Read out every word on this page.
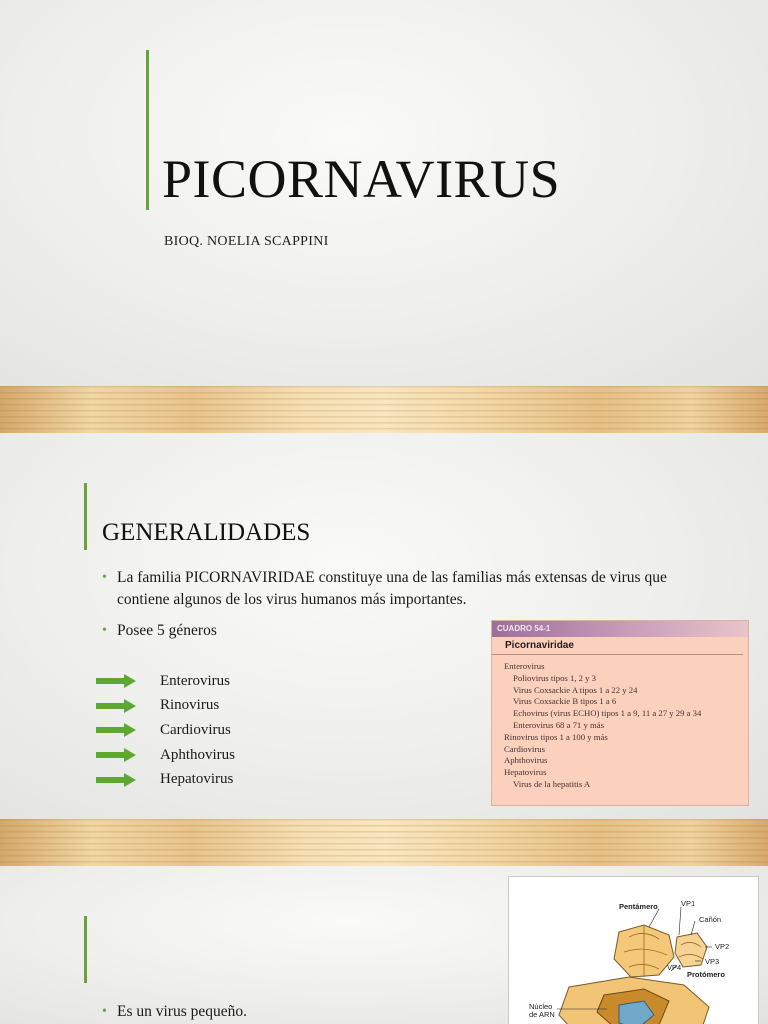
PICORNAVIRUS
BIOQ. NOELIA SCAPPINI
GENERALIDADES
• La familia PICORNAVIRIDAE constituye una de las familias más extensas de virus que contiene algunos de los virus humanos más importantes.
• Posee 5 géneros
Enterovirus
Rinovirus
Cardiovirus
Aphthovirus
Hepatovirus
CUADRO 54-1
Picornaviridae
Enterovirus
Poliovirus tipos 1, 2 y 3
Virus Coxsackie A tipos 1 a 22 y 24
Virus Coxsackie B tipos 1 a 6
Echovirus (virus ECHO) tipos 1 a 9, 11 a 27 y 29 a 34
Enterovirus 68 a 71 y más
Rinovirus tipos 1 a 100 y más
Cardiovirus
Aphthovirus
Hepatovirus
Virus de la hepatitis A
• Es un virus pequeño.
Pentámero	VP1
Cañón
VP2
VP3
VP4
Protómero
Núcleo de ARN
